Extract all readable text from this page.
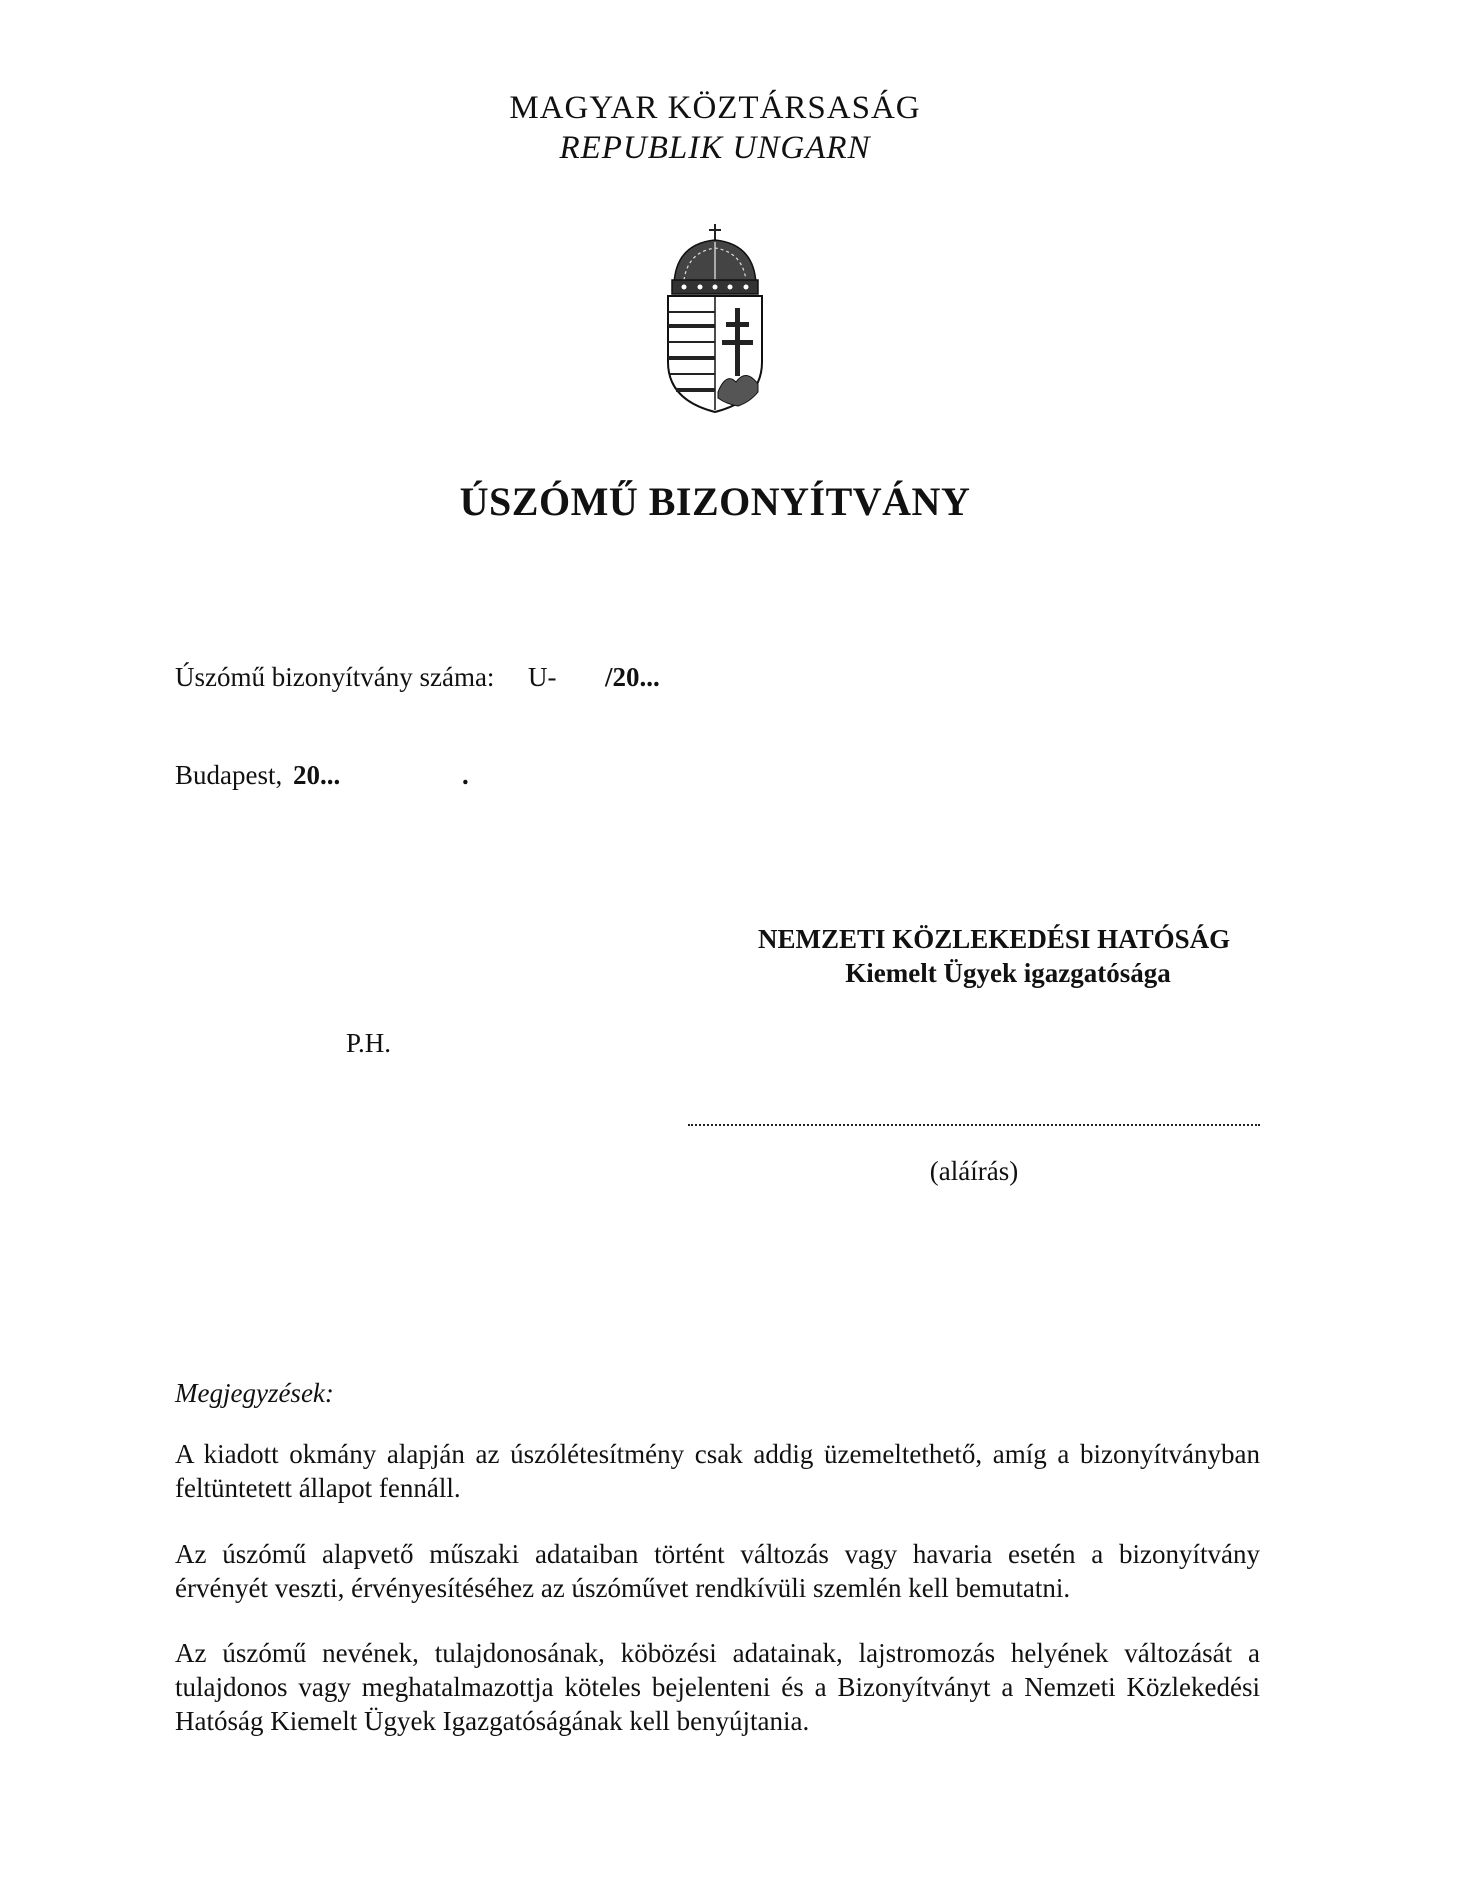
MAGYAR KÖZTÁRSASÁG
REPUBLIK UNGARN
ÚSZÓMŰ BIZONYÍTVÁNY
Úszómű bizonyítvány száma: U- /20...
Budapest, 20...	.
NEMZETI KÖZLEKEDÉSI HATÓSÁG
Kiemelt Ügyek igazgatósága
P.H.
(aláírás)
Megjegyzések:
A kiadott okmány alapján az úszólétesítmény csak addig üzemeltethető, amíg a bizonyítványban feltüntetett állapot fennáll.
Az úszómű alapvető műszaki adataiban történt változás vagy havaria esetén a bizonyítvány érvényét veszti, érvényesítéséhez az úszóművet rendkívüli szemlén kell bemutatni.
Az úszómű nevének, tulajdonosának, köbözési adatainak, lajstromozás helyének változását a tulajdonos vagy meghatalmazottja köteles bejelenteni és a Bizonyítványt a Nemzeti Közlekedési Hatóság Kiemelt Ügyek Igazgatóságának kell benyújtania.
